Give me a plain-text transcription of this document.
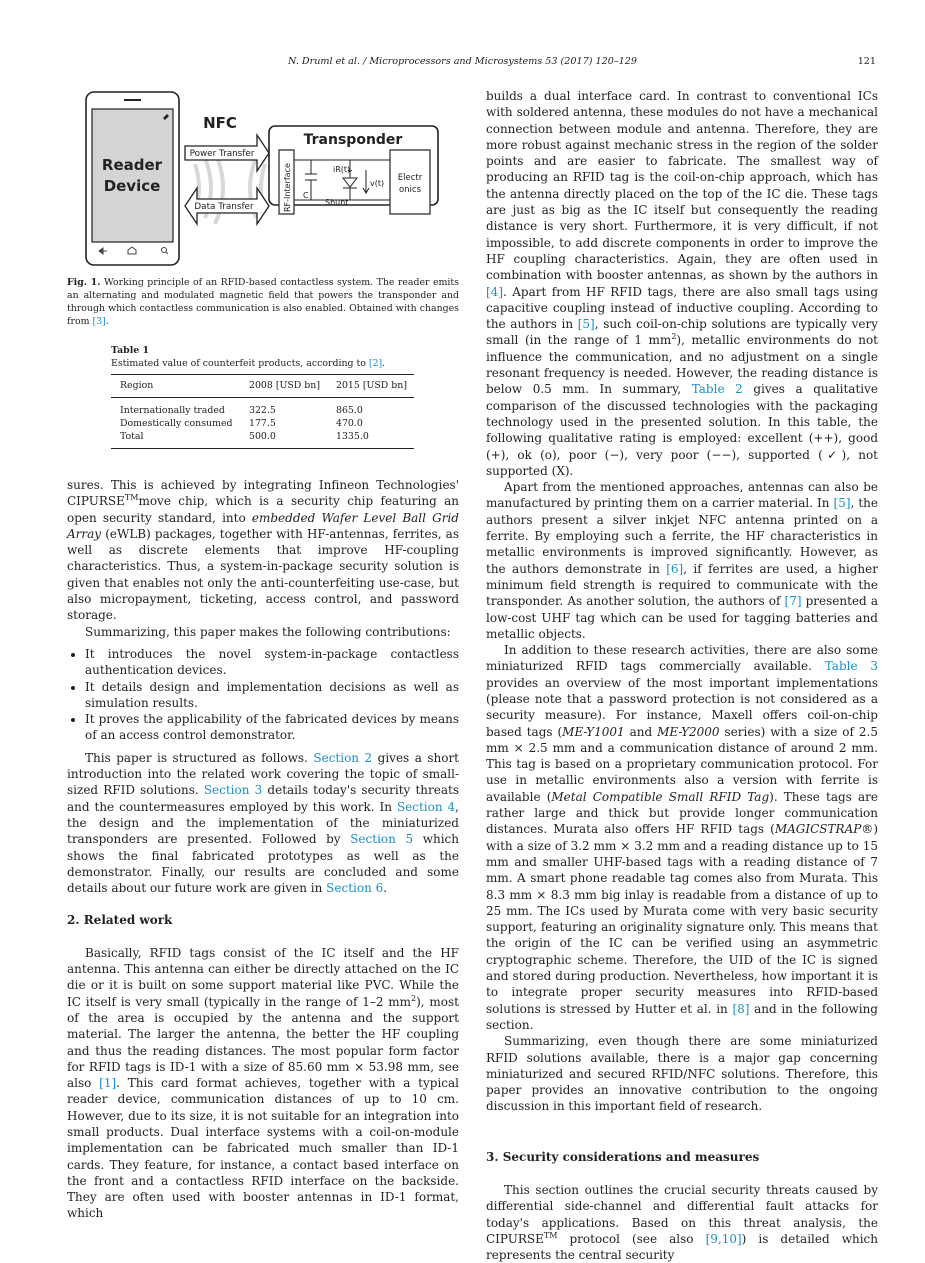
N. Druml et al. / Microprocessors and Microsystems 53 (2017) 120–129	121
Reader
Device
NFC
Power Transfer
Data Transfer
Transponder
RF-Interface C
iR(t)
Shunt
v(t)
Electr
onics
Fig. 1. Working principle of an RFID-based contactless system. The reader emits an alternating and modulated magnetic field that powers the transponder and through which contactless communication is also enabled. Obtained with changes from [3].
Table 1
Estimated value of counterfeit products, according to [2].
Region	2008 [USD bn]	2015 [USD bn]
Internationally traded	322.5	865.0
Domestically consumed	177.5	470.0
Total	500.0	1335.0

sures. This is achieved by integrating Infineon Technologies' CIPURSE™move chip, which is a security chip featuring an open security standard, into embedded Wafer Level Ball Grid Array (eWLB) packages, together with HF-antennas, ferrites, as well as discrete elements that improve HF-coupling characteristics. Thus, a system-in-package security solution is given that enables not only the anti-counterfeiting use-case, but also micropayment, ticketing, access control, and password storage.

Summarizing, this paper makes the following contributions:

• It introduces the novel system-in-package contactless authentication devices.
• It details design and implementation decisions as well as simulation results.
• It proves the applicability of the fabricated devices by means of an access control demonstrator.

This paper is structured as follows. Section 2 gives a short introduction into the related work covering the topic of small-sized RFID solutions. Section 3 details today's security threats and the countermeasures employed by this work. In Section 4, the design and the implementation of the miniaturized transponders are presented. Followed by Section 5 which shows the final fabricated prototypes as well as the demonstrator. Finally, our results are concluded and some details about our future work are given in Section 6.

2. Related work

Basically, RFID tags consist of the IC itself and the HF antenna. This antenna can either be directly attached on the IC die or it is built on some support material like PVC. While the IC itself is very small (typically in the range of 1–2 $mm^2$), most of the area is occupied by the antenna and the support material. The larger the antenna, the better the HF coupling and thus the reading distances. The most popular form factor for RFID tags is ID-1 with a size of 85.60 mm × 53.98 mm, see also [1]. This card format achieves, together with a typical reader device, communication distances of up to 10 cm. However, due to its size, it is not suitable for an integration into small products. Dual interface systems with a coil-on-module implementation can be fabricated much smaller than ID-1 cards. They feature, for instance, a contact based interface on the front and a contactless RFID interface on the backside. They are often used with booster antennas in ID-1 format, which

builds a dual interface card. In contrast to conventional ICs with soldered antenna, these modules do not have a mechanical connection between module and antenna. Therefore, they are more robust against mechanic stress in the region of the solder points and are easier to fabricate. The smallest way of producing an RFID tag is the coil-on-chip approach, which has the antenna directly placed on the top of the IC die. These tags are just as big as the IC itself but consequently the reading distance is very short. Furthermore, it is very difficult, if not impossible, to add discrete components in order to improve the HF coupling characteristics. Again, they are often used in combination with booster antennas, as shown by the authors in [4]. Apart from HF RFID tags, there are also small tags using capacitive coupling instead of inductive coupling. According to the authors in [5], such coil-on-chip solutions are typically very small (in the range of 1 $mm^2$), metallic environments do not influence the communication, and no adjustment on a single resonant frequency is needed. However, the reading distance is below 0.5 mm. In summary, Table 2 gives a qualitative comparison of the discussed technologies with the packaging technology used in the presented solution. In this table, the following qualitative rating is employed: excellent (++), good (+), ok (o), poor (−), very poor (−−), supported (✓), not supported (X).

Apart from the mentioned approaches, antennas can also be manufactured by printing them on a carrier material. In [5], the authors present a silver inkjet NFC antenna printed on a ferrite. By employing such a ferrite, the HF characteristics in metallic environments is improved significantly. However, as the authors demonstrate in [6], if ferrites are used, a higher minimum field strength is required to communicate with the transponder. As another solution, the authors of [7] presented a low-cost UHF tag which can be used for tagging batteries and metallic objects.

In addition to these research activities, there are also some miniaturized RFID tags commercially available. Table 3 provides an overview of the most important implementations (please note that a password protection is not considered as a security measure). For instance, Maxell offers coil-on-chip based tags (ME-Y1001 and ME-Y2000 series) with a size of 2.5 mm × 2.5 mm and a communication distance of around 2 mm. This tag is based on a proprietary communication protocol. For use in metallic environments also a version with ferrite is available (Metal Compatible Small RFID Tag). These tags are rather large and thick but provide longer communication distances. Murata also offers HF RFID tags (MAGICSTRAP®) with a size of 3.2 mm × 3.2 mm and a reading distance up to 15 mm and smaller UHF-based tags with a reading distance of 7 mm. A smart phone readable tag comes also from Murata. This 8.3 mm × 8.3 mm big inlay is readable from a distance of up to 25 mm. The ICs used by Murata come with very basic security support, featuring an originality signature only. This means that the origin of the IC can be verified using an asymmetric cryptographic scheme. Therefore, the UID of the IC is signed and stored during production. Nevertheless, how important it is to integrate proper security measures into RFID-based solutions is stressed by Hutter et al. in [8] and in the following section.

Summarizing, even though there are some miniaturized RFID solutions available, there is a major gap concerning miniaturized and secured RFID/NFC solutions. Therefore, this paper provides an innovative contribution to the ongoing discussion in this important field of research.

3. Security considerations and measures

This section outlines the crucial security threats caused by differential side-channel and differential fault attacks for today's applications. Based on this threat analysis, the CIPURSE™ protocol (see also [9,10]) is detailed which represents the central security
